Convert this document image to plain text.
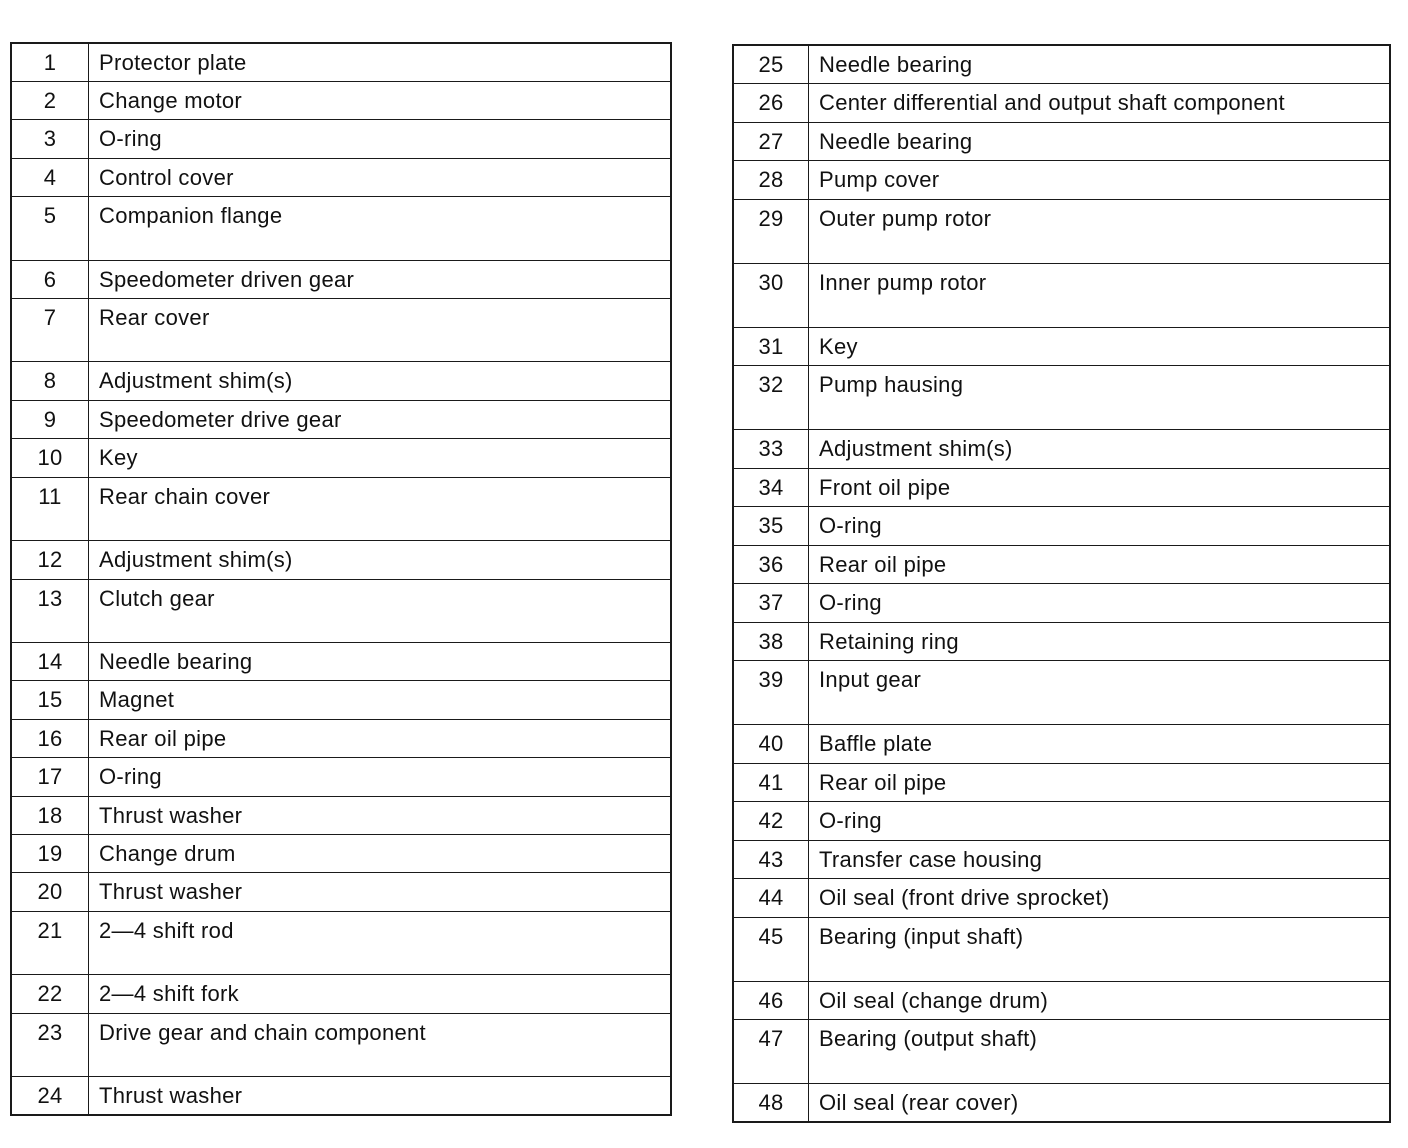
1	Protector plate
2	Change motor
3	O-ring
4	Control cover
5	Companion flange
6	Speedometer driven gear
7	Rear cover
8	Adjustment shim(s)
9	Speedometer drive gear
10	Key
11	Rear chain cover
12	Adjustment shim(s)
13	Clutch gear
14	Needle bearing
15	Magnet
16	Rear oil pipe
17	O-ring
18	Thrust washer
19	Change drum
20	Thrust washer
21	2—4 shift rod
22	2—4 shift fork
23	Drive gear and chain component
24	Thrust washer
25	Needle bearing
26	Center differential and output shaft component
27	Needle bearing
28	Pump cover
29	Outer pump rotor
30	Inner pump rotor
31	Key
32	Pump hausing
33	Adjustment shim(s)
34	Front oil pipe
35	O-ring
36	Rear oil pipe
37	O-ring
38	Retaining ring
39	Input gear
40	Baffle plate
41	Rear oil pipe
42	O-ring
43	Transfer case housing
44	Oil seal (front drive sprocket)
45	Bearing (input shaft)
46	Oil seal (change drum)
47	Bearing (output shaft)
48	Oil seal (rear cover)
